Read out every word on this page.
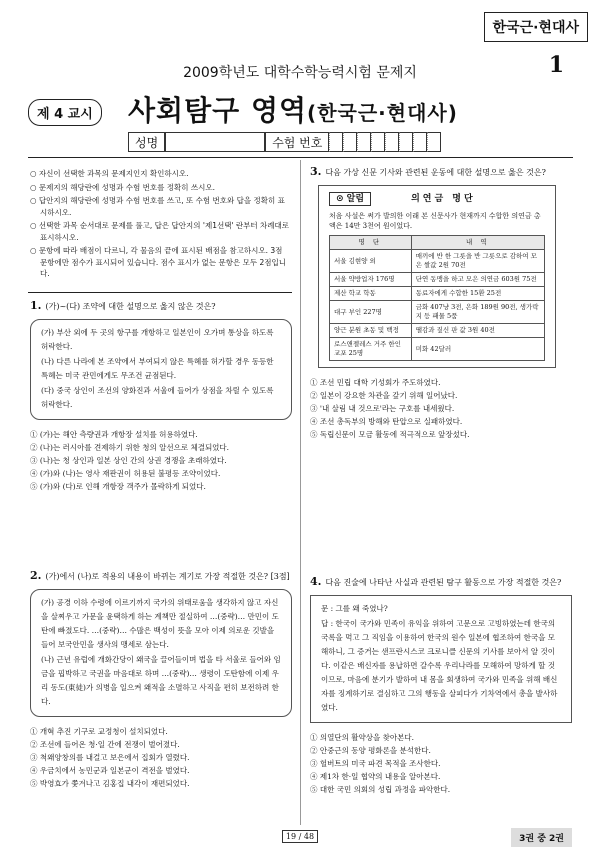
한국근·현대사
2009학년도 대학수학능력시험 문제지	1
제 4 교시	사회탐구 영역(한국근·현대사)
성명	수험 번호
○ 자신이 선택한 과목의 문제지인지 확인하시오.
○ 문제지의 해당란에 성명과 수험 번호를 정확히 쓰시오.
○ 답안지의 해당란에 성명과 수험 번호를 쓰고, 또 수험 번호와 답을 정확히 표시하시오.
○ 선택한 과목 순서대로 문제를 풀고, 답은 답안지의 '제1선택' 란부터 차례대로 표시하시오.
○ 문항에 따라 배점이 다르니, 각 물음의 끝에 표시된 배점을 참고하시오. 3점 문항에만 점수가 표시되어 있습니다. 점수 표시가 없는 문항은 모두 2점입니다.
1. (가)~(다) 조약에 대한 설명으로 옳지 않은 것은?

(가) 부산 외에 두 곳의 항구를 개항하고 일본인이 오가며 통상을 하도록 허락한다.

(나) 다른 나라에 본 조약에서 부여되지 않은 특혜를 허가할 경우 동등한 특혜는 미국 관민에게도 무조건 균점된다.

(다) 중국 상인이 조선의 양화진과 서울에 들어가 상점을 차릴 수 있도록 허락한다.

① (가)는 해안 측량권과 개항장 설치를 허용하였다.
② (나)는 러시아를 견제하기 위한 청의 알선으로 체결되었다.
③ (나)는 청 상인과 일본 상인 간의 상권 경쟁을 초래하였다.
④ (가)와 (나)는 영사 재판권이 허용된 불평등 조약이었다.
⑤ (가)와 (다)로 인해 개항장 객주가 몰락하게 되었다.
2. (가)에서 (나)로 적용의 내용이 바뀌는 계기로 가장 적절한 것은? [3점]

(가) 공경 이하 수령에 이르기까지 국가의 위태로움을 생각하지 않고 자신을 살찌우고 가문을 윤택하게 하는 계책만 절실하여 …(중략)… 만민이 도탄에 빠졌도다. …(중략)… 수많은 백성이 뜻을 모아 이제 의로운 깃발을 들어 보국안민을 생사의 맹세로 삼는다.

(나) 근년 유럽에 개화간당이 왜국을 끌어들이며 법을 타 서울로 들어와 임금을 핍박하고 국권을 마음대로 하며 …(중략)… 생령이 도탄함에 이제 우리 동도(東徒)가 의병을 일으켜 왜적을 소멸하고 사직을 편히 보전하려 한다.

① 개혁 추진 기구로 교정청이 설치되었다.
② 조선에 들어온 청·일 간에 전쟁이 벌어졌다.
③ 척왜양창의를 내걸고 보은에서 집회가 열렸다.
④ 우금치에서 농민군과 일본군이 격전을 벌였다.
⑤ 박영효가 쫓겨나고 김홍집 내각이 재편되었다.
3. 다음 가상 신문 기사와 관련된 운동에 대한 설명으로 옳은 것은?
⊙ 알림	의연금 명단
처음 사설은 써가 발의한 이래 본 신문사가 현재까지 수합한 의연금 총액은 14만 3천여 원이었다.
명 단	내 역
서울 김현양 외	매끼에 반 한 그릇을 반 그릇으로 감하여 모은 쌀값 2원 70전
서울 약방업자 176명	단연 동맹을 하고 모은 의연금 603원 75전
제산 학교 학동	동료자에게 수합한 15환 25전
대구 부인 227명	금화 407냥 3전, 은화 189원 90전, 생가락지 등 패물 5품
양근 분원 초동 및 백정	땔감과 짚신 판 값 3원 40전
로스앤젤레스 거주 한인 교포 25명	미화 42달러
① 조선 민립 대학 기성회가 주도하였다.
② 일본이 강요한 차관을 갚기 위해 일어났다.
③ '내 살림 내 것으로'라는 구호를 내세웠다.
④ 조선 총독부의 방해와 탄압으로 실패하였다.
⑤ 독립신문이 모금 활동에 적극적으로 앞장섰다.
4. 다음 진술에 나타난 사실과 관련된 탐구 활동으로 가장 적절한 것은?

문 : 그를 왜 죽였나?

답 : 한국이 국가와 민족이 유익을 위하여 고문으로 고빙하였는데 한국의 국록을 먹고 그 직임을 이용하여 한국의 원수 일본에 협조하여 한국을 모해하니, 그 증거는 샌프란시스코 크로니클 신문의 기사를 보아서 알 것이다. 이같은 배신자를 용납하면 갈수록 우리나라를 모해하여 망하게 할 것이므로, 마음에 분기가 발하여 내 몸을 회생하여 국가와 민족을 위해 배신자를 징계하기로 결심하고 그의 행동을 살피다가 기차역에서 총을 발사하였다.

① 의열단의 활약상을 찾아본다.
② 안중근의 동양 평화론을 분석한다.
③ 헐버트의 미국 파견 목적을 조사한다.
④ 제1차 한·일 협약의 내용을 알아본다.
⑤ 대한 국민 의회의 성립 과정을 파악한다.
19 / 48	3권 중 2권
